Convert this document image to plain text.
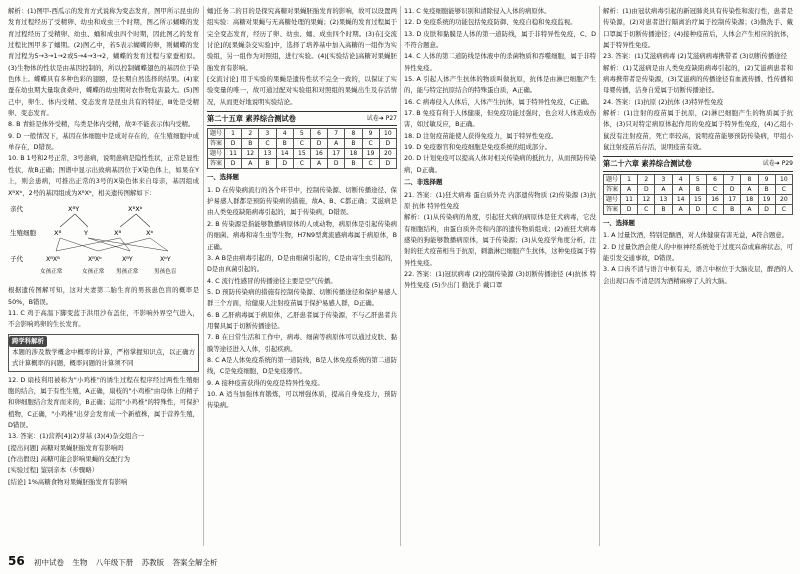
解析：(1)图甲-西瓜示的发育方式说称为变态发育，图甲所示昆虫的发育过程经历了受精卵、幼虫和成虫三个时期，图乙所示蝴蝶的发育过程经历了受精卵、幼虫、蛹和成虫四个时期，因此图乙的发育过程比图甲多了蛹期。(2)图乙中，若5表示蝴蝶的卵，则蝴蝶的发育过程为5→3→1→2或5→4→3→2，蝴蝶的发育过程与家蚕相似。(3)生物体的性状是由基因控制的，所以控制蝴蝶翅色的基因位于染色体上。蝶蝶具有多种色彩的翅膀，是长期自然选择的结果。(4)家蚕在幼虫期大量取食桑叶，蝶蝶的幼虫期对农作物危害最大。(5)图己中，卵生、体内受精、变态发育是昆虫共有的特征，Ⅲ处是受精卵、变态发育。

8. B 青蛙是体外受精，鸟类是体内受精，故②不能表示体内受精。

9. D 一般情况下，基因在体细胞中是成对存在的，在生殖细胞中成单存在，D错误。

10. B 1号和2号正常，3号患病，说明患病是隐性性状，正常是显性性状，故B正确；图谱中显示出致病基因位于X染色体上，如果在Y上，则会患病，可推出正常的3号的X染色体来自母亲，基因组成XᴮXᵇ，2号的基因组成为XᴮXᵇ，相关遗传图解如下：

亲代	XᴮY	XᴮXᵇ
生殖细胞	Xᴮ	Y	Xᴮ	Xᵇ
子代	XᴮXᴮ	XᴮXᵇ	XᴮY	XᵇY
女孩正常	女孩正常 男孩正常	男孩色盲

根据遗传图解可知，这对夫妻第二胎生育的男孩患色盲的概率是50%，B错误。

11. C 鸡于高温下脚变蓝于洪用沙布盖住，不影响外界空气进入，不会影响鸡卵的生长发育。

跨学科解析

本题的涉及数学概念中概率的计算，严格掌握知识点，以正确方式计算概率的问题，概率问题的计算须不同

12. D 扇枝利用被称为"小鸡椎"的诱生过程在程序经过两性生殖细胞的结合，属于有性生殖，A正确，扇枝的"小鸡椎"由母体上的精子和卵细胞结合发育而来的，B正确；运用"小鸡椎"的特殊性，可保护植物，C正确，"小鸡椎"出芽会发育成一个新植株，属于营养生殖，D错误。

13. 答案：(1)营养[4](2)芽基 (3)(4)杂交组合一

[提出问题] 高糖对果蝇胚胎发育有影响吗

[作出假设] 高糖可能会影响果蝇的交配行为

[实验过程] 鉴别亲本（步骤略）

[结论] 1%高糖食物对果蝇胚胎发育有影响

蛹]任务二的目的是探究高糖对果蝇胚胎发育的影响，故可以设置两组实验：高糖对果蝇与无高糖处理的果蝇；(2)果蝇的发育过程属于完全变态发育，经历了卵、幼虫、蛹、成虫四个时期。(3)在[交流讨论]的[果蝇杂交实验]中，选择了培养基中加入高糖的一组作为实验组，另一组作为对照组，进行实验。(4)[实验结论]高糖对果蝇胚胎发育有影响。

[交流讨论] 用于实验的果蝇是遗传性状不完全一致的，以保证了实验变量的唯一，故可通过配对实验组和对照组的果蝇出生及存活情况，从而更好地说明实验结论。

第二十五章 素养综合测试卷	试卷➜ P27
题号	1	2	3	4	5	6	7	8	9	10
答案	D	B	C	B	C	D	A	B	C	D
题号	11	12	13	14	15	16	17	18	19	20
答案	D	A	B	D	C	A	D	B	C	D

一、选择题

1. D 在传染病流行的各个环节中，控制传染源、切断传播途径、保护易感人群都是预防传染病的措施，故A、B、C都正确；艾滋病是由人类免疫缺陷病毒引起的，属于传染病，D错误。

2. B 传染源是指能够散播病原体的人或动物，病原体是引起传染病的细菌、病毒和寄生虫等生物，H7N9型禽流感病毒属于病原体，B正确。

3. A B是由病毒引起的，D是由细菌引起的，C是由寄生虫引起的，D是由真菌引起的。

4. C 流行性感冒的传播途径主要是空气传播。

5. D 预防传染病的措施有控制传染源、切断传播途径和保护易感人群三个方面，给健康人注射疫苗属于保护易感人群，D正确。

6. B 乙肝病毒属于病原体，乙肝患者属于传染源，不与乙肝患者共用餐具属于切断传播途径。

7. B 在日常生活和工作中，病毒、细菌等病原体可以通过皮肤、黏膜等途径进入人体，引起疾病。

8. C A是人体免疫系统的第一道防线，B是人体免疫系统的第二道防线，C是免疫细胞，D是免疫器官。

9. A 接种疫苗获得的免疫是特异性免疫。

10. A 适当加强体育锻炼，可以增强体质，提高自身免疫力，预防传染病。

11. C 免疫细胞能够识别和清除侵入人体的病原体。

12. D 免疫系统的功能包括免疫防御、免疫自稳和免疫监视。

13. D 皮肤和黏膜是人体的第一道防线，属于非特异性免疫，C、D不符合题意。

14. C 人体的第二道防线是体液中的杀菌物质和吞噬细胞，属于非特异性免疫。

15. A 引起人体产生抗体的物质叫做抗原，抗体是由淋巴细胞产生的，能与特定抗原结合的特殊蛋白质，A正确。

16. C 病毒侵入人体后，人体产生抗体，属于特异性免疫，C正确。

17. B 免疫有利于人体健康，但免疫功能过强时，也会对人体造成伤害，如过敏反应，B正确。

18. D 注射疫苗能使人获得免疫力，属于特异性免疫。

19. D 免疫器官和免疫细胞是免疫系统的组成部分。

20. D 计划免疫可以提高人体对相关传染病的抵抗力，从而预防传染病，D正确。

二、非选择题

21. 答案：(1)狂犬病毒 蛋白质外壳 内部遗传物质 (2)传染源 (3)抗原 抗体 特异性免疫

解析：(1)从传染病的角度，引起狂犬病的病原体是狂犬病毒，它没有细胞结构，由蛋白质外壳和内部的遗传物质组成；(2)被狂犬病毒感染的狗能够散播病原体，属于传染源；(3)从免疫学角度分析，注射的狂犬疫苗相当于抗原，刺激淋巴细胞产生抗体，这种免疫属于特异性免疫。

22. 答案：(1)冠状病毒 (2)控制传染源 (3)切断传播途径 (4)抗体 特异性免疫 (5)少出门 勤洗手 戴口罩

解析：(1)由冠状病毒引起的新冠肺炎具有传染性和流行性，患者是传染源，(2)对患者进行隔离治疗属于控制传染源；(3)勤洗手、戴口罩属于切断传播途径；(4)接种疫苗后，人体会产生相应的抗体，属于特异性免疫。

23. 答案：(1)艾滋病病毒 (2)艾滋病病毒携带者 (3)切断传播途径

解析：(1)艾滋病是由人类免疫缺陷病毒引起的，(2)艾滋病患者和病毒携带者是传染源，(3)艾滋病的传播途径有血液传播、性传播和母婴传播，洁身自爱属于切断传播途径。

24. 答案：(1)抗原 (2)抗体 (3)特异性免疫

解析：(1)注射的疫苗属于抗原，(2)淋巴细胞产生的物质属于抗体，(3)只对特定病原体起作用的免疫属于特异性免疫，(4)乙组小鼠没有注射疫苗，死亡率较高，说明疫苗能够预防传染病，甲组小鼠注射疫苗后存活，说明疫苗有效。

第二十六章 素养综合测试卷	试卷➜ P29
题号	1	2	3	4	5	6	7	8	9	10
答案	A	D	A	A	B	C	D	A	B	C
题号	11	12	13	14	15	16	17	18	19	20
答案	D	C	B	A	D	C	B	A	D	C

一、选择题

1. A 过量饮酒，特别是酗酒，对人体健康有害无益，A符合题意。

2. D 过量饮酒会使人的中枢神经系统处于过度兴奋或麻痹状态，可能引发交通事故，D错误。

3. A 口齿不清与语言中枢有关，语言中枢位于大脑皮层，醉酒的人会出现口齿不清是因为酒精麻痹了人的大脑。

56 初中试卷 生物 八年级下册 苏教版 答案全解全析
